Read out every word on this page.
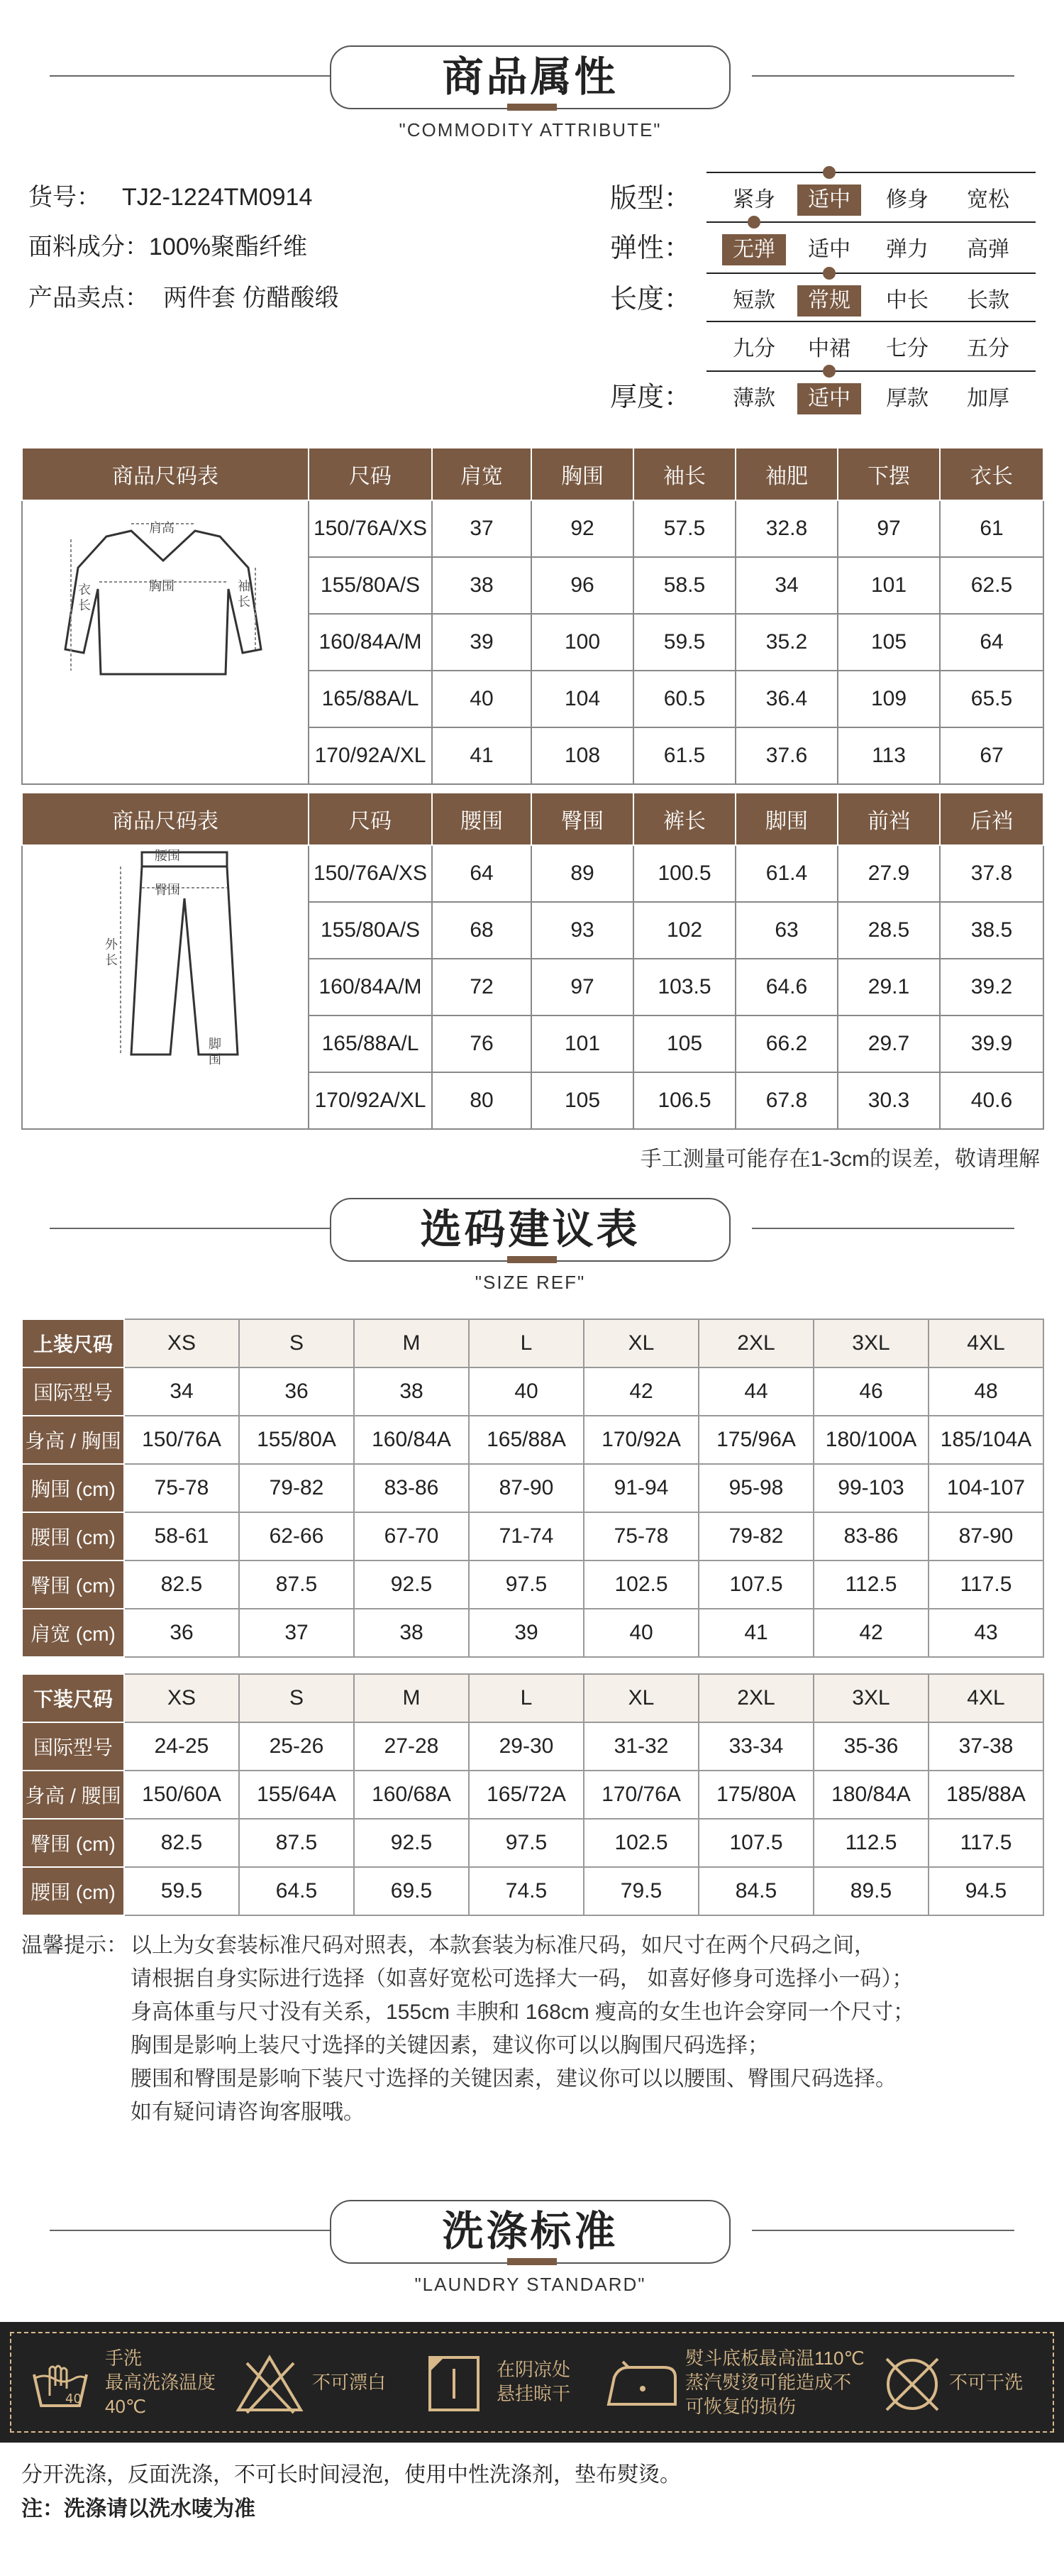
商品属性
"COMMODITY ATTRIBUTE"
货号： TJ2-1224TM0914
面料成分：100%聚酯纤维
产品卖点： 两件套 仿醋酸缎
版型：	紧身	适中	修身	宽松
弹性：	无弹	适中	弹力	高弹
长度：	短款	常规	中长	长款
九分	中裙	七分	五分
厚度：	薄款	适中	厚款	加厚
商品尺码表	尺码	肩宽	胸围	袖长	袖肥	下摆	衣长
	150/76A/XS	37	92	57.5	32.8	97	61
	155/80A/S	38	96	58.5	34	101	62.5
	160/84A/M	39	100	59.5	35.2	105	64
	165/88A/L	40	104	60.5	36.4	109	65.5
	170/92A/XL	41	108	61.5	37.6	113	67
肩高
胸围
衣长
袖长
商品尺码表	尺码	腰围	臀围	裤长	脚围	前裆	后裆
	150/76A/XS	64	89	100.5	61.4	27.9	37.8
	155/80A/S	68	93	102	63	28.5	38.5
	160/84A/M	72	97	103.5	64.6	29.1	39.2
	165/88A/L	76	101	105	66.2	29.7	39.9
	170/92A/XL	80	105	106.5	67.8	30.3	40.6
腰围
臀围
外长
脚围
手工测量可能存在1-3cm的误差，敬请理解
选码建议表
"SIZE REF"
上装尺码	XS	S	M	L	XL	2XL	3XL	4XL
国际型号	34	36	38	40	42	44	46	48
身高 / 胸围	150/76A	155/80A	160/84A	165/88A	170/92A	175/96A	180/100A	185/104A
胸围 (cm)	75-78	79-82	83-86	87-90	91-94	95-98	99-103	104-107
腰围 (cm)	58-61	62-66	67-70	71-74	75-78	79-82	83-86	87-90
臀围 (cm)	82.5	87.5	92.5	97.5	102.5	107.5	112.5	117.5
肩宽 (cm)	36	37	38	39	40	41	42	43
下装尺码	XS	S	M	L	XL	2XL	3XL	4XL
国际型号	24-25	25-26	27-28	29-30	31-32	33-34	35-36	37-38
身高 / 腰围	150/60A	155/64A	160/68A	165/72A	170/76A	175/80A	180/84A	185/88A
臀围 (cm)	82.5	87.5	92.5	97.5	102.5	107.5	112.5	117.5
腰围 (cm)	59.5	64.5	69.5	74.5	79.5	84.5	89.5	94.5
温馨提示： 以上为女套装标准尺码对照表，本款套装为标准尺码，如尺寸在两个尺码之间，
请根据自身实际进行选择（如喜好宽松可选择大一码， 如喜好修身可选择小一码）；
身高体重与尺寸没有关系，155cm 丰腴和 168cm 瘦高的女生也许会穿同一个尺寸；
胸围是影响上装尺寸选择的关键因素，建议你可以以胸围尺码选择；
腰围和臀围是影响下装尺寸选择的关键因素，建议你可以以腰围、臀围尺码选择。
如有疑问请咨询客服哦。
洗涤标准
"LAUNDRY STANDARD"
40
手洗
最高洗涤温度
40℃
不可漂白
在阴凉处
悬挂晾干
熨斗底板最高温110℃
蒸汽熨烫可能造成不
可恢复的损伤
不可干洗
分开洗涤，反面洗涤，不可长时间浸泡，使用中性洗涤剂，垫布熨烫。
注：洗涤请以洗水唛为准
